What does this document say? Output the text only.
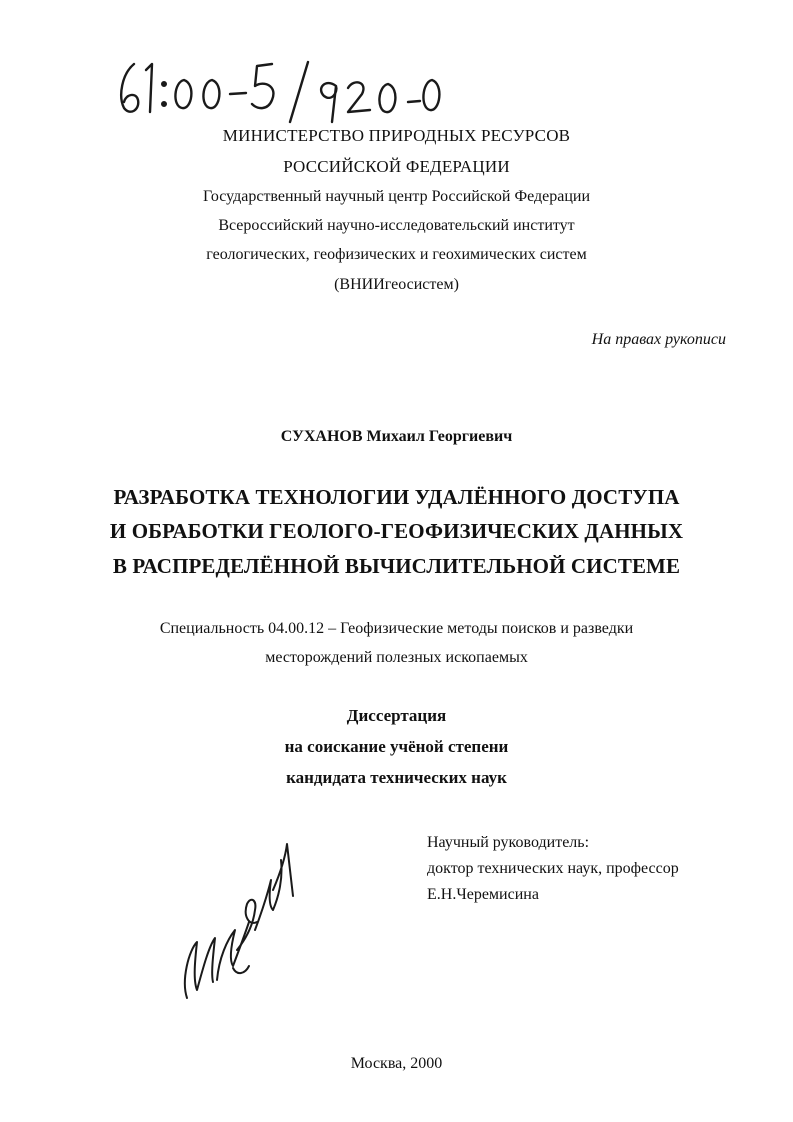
МИНИСТЕРСТВО ПРИРОДНЫХ РЕСУРСОВ
РОССИЙСКОЙ ФЕДЕРАЦИИ
Государственный научный центр Российской Федерации
Всероссийский научно-исследовательский институт
геологических, геофизических и геохимических систем
(ВНИИгеосистем)
На правах рукописи
СУХАНОВ Михаил Георгиевич
РАЗРАБОТКА ТЕХНОЛОГИИ УДАЛЁННОГО ДОСТУПА
И ОБРАБОТКИ ГЕОЛОГО-ГЕОФИЗИЧЕСКИХ ДАННЫХ
В РАСПРЕДЕЛЁННОЙ ВЫЧИСЛИТЕЛЬНОЙ СИСТЕМЕ
Специальность 04.00.12 – Геофизические методы поисков и разведки
месторождений полезных ископаемых
Диссертация
на соискание учёной степени
кандидата технических наук
Научный руководитель:
доктор технических наук, профессор
Е.Н.Черемисина
Москва, 2000
